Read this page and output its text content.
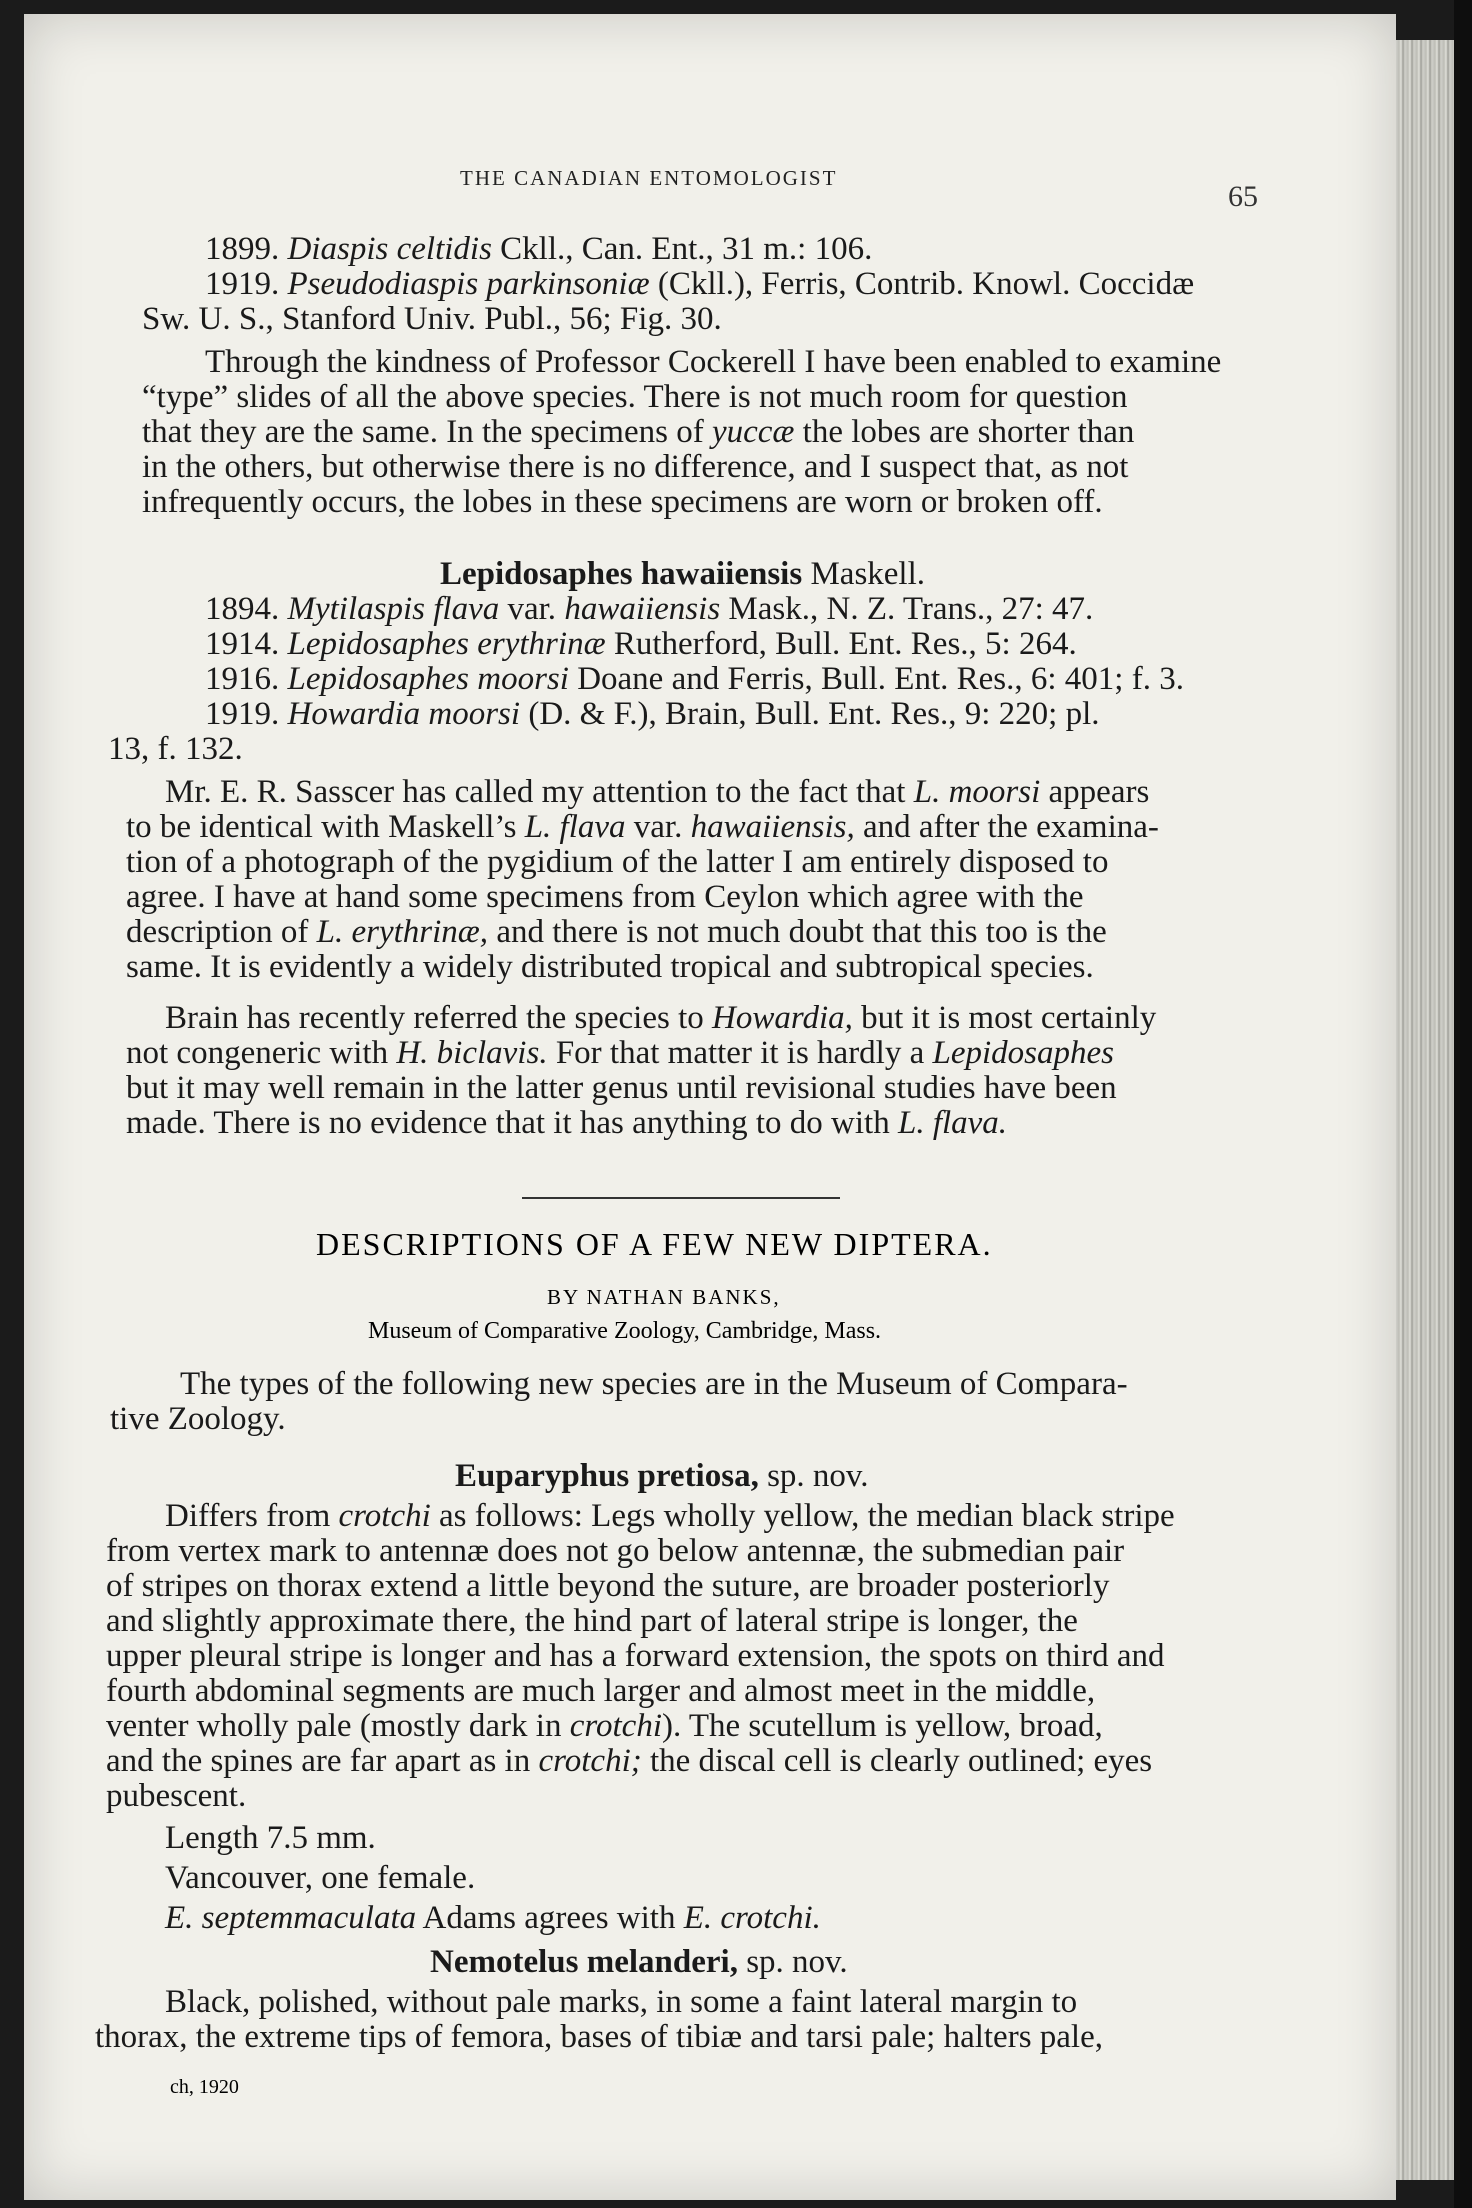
THE CANADIAN ENTOMOLOGIST
65
1899. Diaspis celtidis Ckll., Can. Ent., 31 m.: 106.
1919. Pseudodiaspis parkinsoniæ (Ckll.), Ferris, Contrib. Knowl. Coccidæ
Sw. U. S., Stanford Univ. Publ., 56; Fig. 30.
Through the kindness of Professor Cockerell I have been enabled to examine
“type” slides of all the above species. There is not much room for question
that they are the same. In the specimens of yuccæ the lobes are shorter than
in the others, but otherwise there is no difference, and I suspect that, as not
infrequently occurs, the lobes in these specimens are worn or broken off.
Lepidosaphes hawaiiensis Maskell.
1894. Mytilaspis flava var. hawaiiensis Mask., N. Z. Trans., 27: 47.
1914. Lepidosaphes erythrinæ Rutherford, Bull. Ent. Res., 5: 264.
1916. Lepidosaphes moorsi Doane and Ferris, Bull. Ent. Res., 6: 401; f. 3.
1919. Howardia moorsi (D. & F.), Brain, Bull. Ent. Res., 9: 220; pl.
13, f. 132.
Mr. E. R. Sasscer has called my attention to the fact that L. moorsi appears
to be identical with Maskell’s L. flava var. hawaiiensis, and after the examina-
tion of a photograph of the pygidium of the latter I am entirely disposed to
agree. I have at hand some specimens from Ceylon which agree with the
description of L. erythrinæ, and there is not much doubt that this too is the
same. It is evidently a widely distributed tropical and subtropical species.
Brain has recently referred the species to Howardia, but it is most certainly
not congeneric with H. biclavis. For that matter it is hardly a Lepidosaphes
but it may well remain in the latter genus until revisional studies have been
made. There is no evidence that it has anything to do with L. flava.
The types of the following new species are in the Museum of Compara-
tive Zoology.
Euparyphus pretiosa, sp. nov.
Differs from crotchi as follows: Legs wholly yellow, the median black stripe
from vertex mark to antennæ does not go below antennæ, the submedian pair
of stripes on thorax extend a little beyond the suture, are broader posteriorly
and slightly approximate there, the hind part of lateral stripe is longer, the
upper pleural stripe is longer and has a forward extension, the spots on third and
fourth abdominal segments are much larger and almost meet in the middle,
venter wholly pale (mostly dark in crotchi). The scutellum is yellow, broad,
and the spines are far apart as in crotchi; the discal cell is clearly outlined; eyes
pubescent.
Length 7.5 mm.
Vancouver, one female.
E. septemmaculata Adams agrees with E. crotchi.
Nemotelus melanderi, sp. nov.
Black, polished, without pale marks, in some a faint lateral margin to
thorax, the extreme tips of femora, bases of tibiæ and tarsi pale; halters pale,
DESCRIPTIONS OF A FEW NEW DIPTERA.
BY NATHAN BANKS,
Museum of Comparative Zoology, Cambridge, Mass.
ch, 1920
